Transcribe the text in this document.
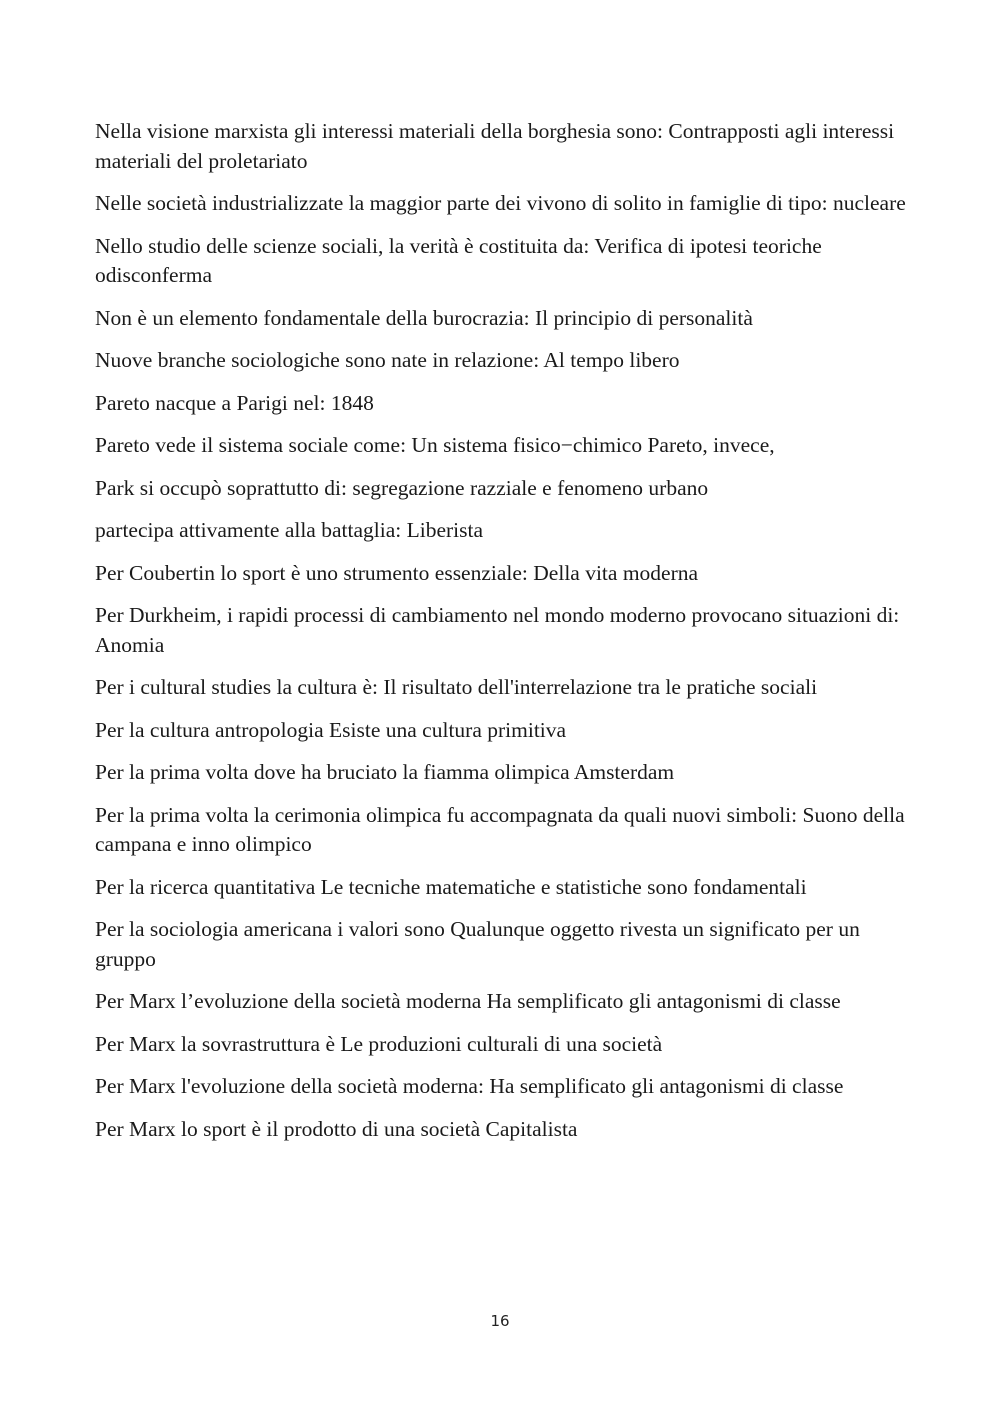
Nella visione marxista gli interessi materiali della borghesia sono: Contrapposti agli interessi materiali del proletariato

Nelle società industrializzate la maggior parte dei vivono di solito in famiglie di tipo: nucleare

Nello studio delle scienze sociali, la verità è costituita da: Verifica di ipotesi teoriche odisconferma

Non è un elemento fondamentale della burocrazia: Il principio di personalità

Nuove branche sociologiche sono nate in relazione: Al tempo libero

Pareto nacque a Parigi nel: 1848

Pareto vede il sistema sociale come: Un sistema fisico−chimico Pareto, invece,

Park si occupò soprattutto di: segregazione razziale e fenomeno urbano

partecipa attivamente alla battaglia: Liberista

Per Coubertin lo sport è uno strumento essenziale: Della vita moderna

Per Durkheim, i rapidi processi di cambiamento nel mondo moderno provocano situazioni di: Anomia

Per i cultural studies la cultura è: Il risultato dell'interrelazione tra le pratiche sociali

Per la cultura antropologia Esiste una cultura primitiva

Per la prima volta dove ha bruciato la fiamma olimpica Amsterdam

Per la prima volta la cerimonia olimpica fu accompagnata da quali nuovi simboli: Suono della campana e inno olimpico

Per la ricerca quantitativa Le tecniche matematiche e statistiche sono fondamentali

Per la sociologia americana i valori sono Qualunque oggetto rivesta un significato per un gruppo

Per Marx l’evoluzione della società moderna Ha semplificato gli antagonismi di classe

Per Marx la sovrastruttura è Le produzioni culturali di una società

Per Marx l'evoluzione della società moderna: Ha semplificato gli antagonismi di classe

Per Marx lo sport è il prodotto di una società Capitalista

16
